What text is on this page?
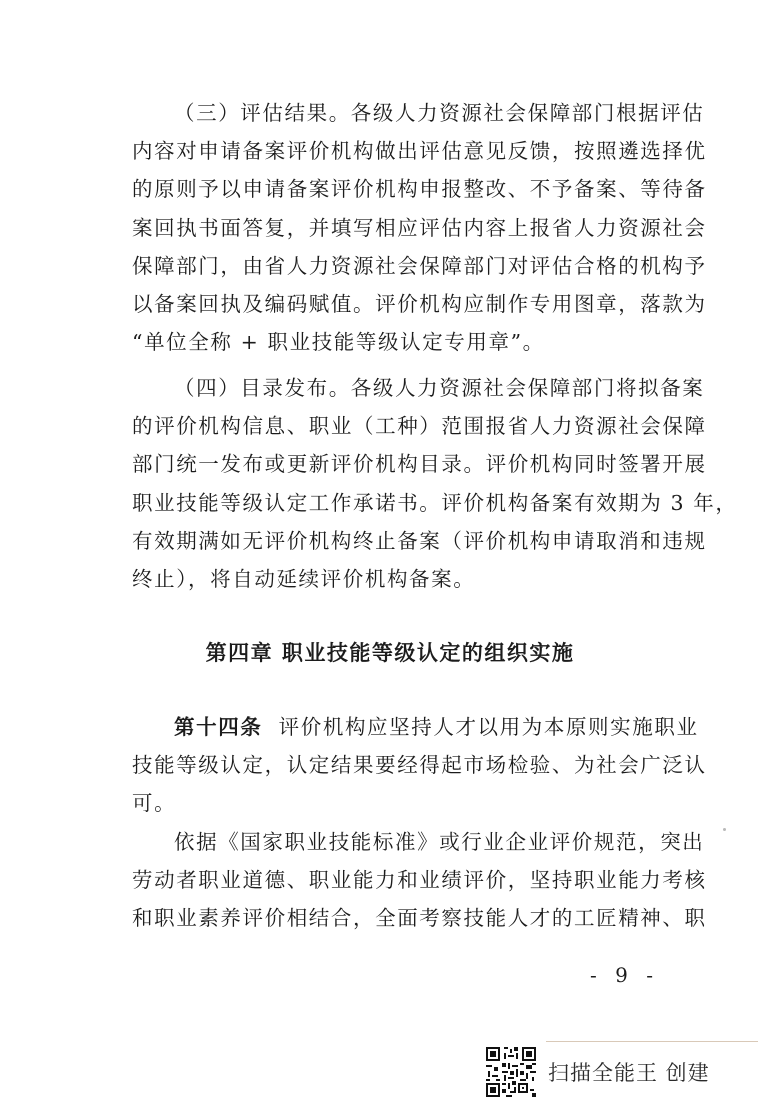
（三）评估结果。各级人力资源社会保障部门根据评估
内容对申请备案评价机构做出评估意见反馈，按照遴选择优
的原则予以申请备案评价机构申报整改、不予备案、等待备
案回执书面答复，并填写相应评估内容上报省人力资源社会
保障部门，由省人力资源社会保障部门对评估合格的机构予
以备案回执及编码赋值。评价机构应制作专用图章，落款为
“单位全称 + 职业技能等级认定专用章”。

（四）目录发布。各级人力资源社会保障部门将拟备案
的评价机构信息、职业（工种）范围报省人力资源社会保障
部门统一发布或更新评价机构目录。评价机构同时签署开展
职业技能等级认定工作承诺书。评价机构备案有效期为 3 年，
有效期满如无评价机构终止备案（评价机构申请取消和违规
终止），将自动延续评价机构备案。

第四章 职业技能等级认定的组织实施

第十四条 评价机构应坚持人才以用为本原则实施职业
技能等级认定，认定结果要经得起市场检验、为社会广泛认
可。

依据《国家职业技能标准》或行业企业评价规范，突出
劳动者职业道德、职业能力和业绩评价，坚持职业能力考核
和职业素养评价相结合，全面考察技能人才的工匠精神、职

- 9 -
扫描全能王 创建
